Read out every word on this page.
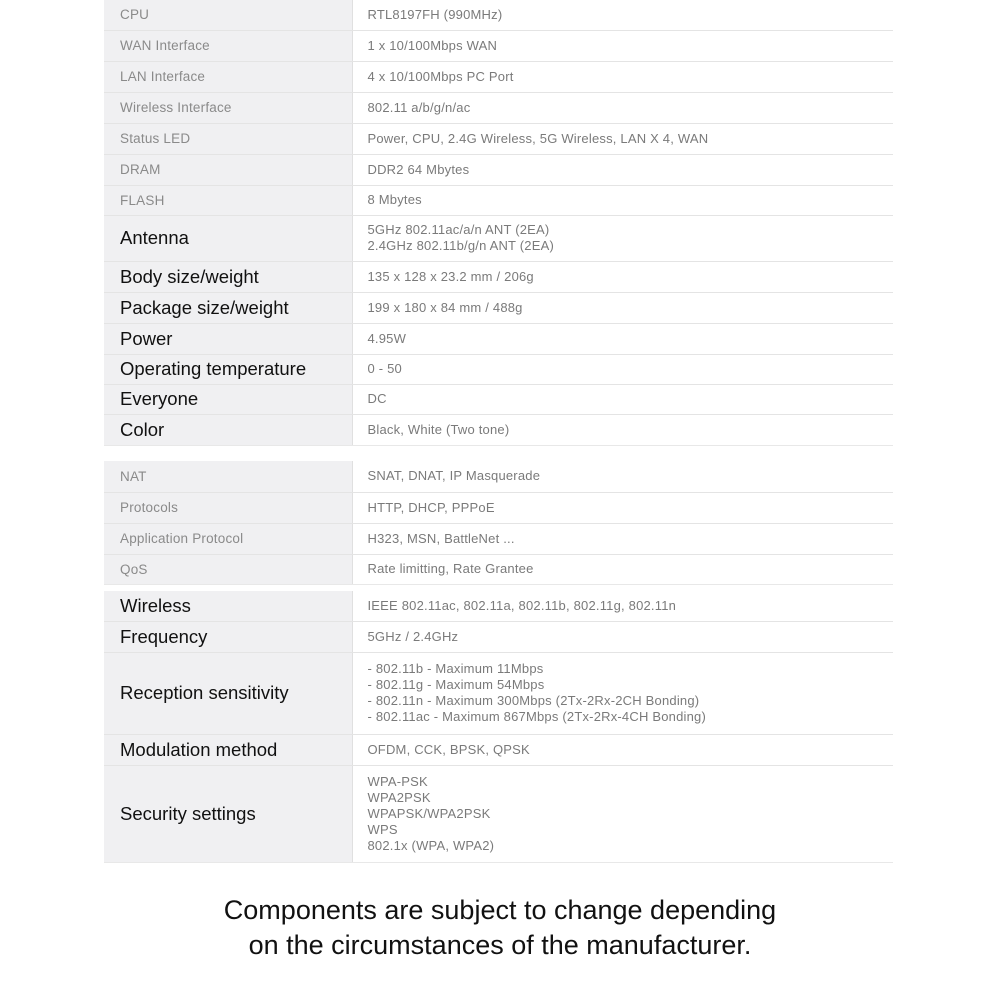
CPU	RTL8197FH (990MHz)
WAN Interface	1 x 10/100Mbps WAN
LAN Interface	4 x 10/100Mbps PC Port
Wireless Interface	802.11 a/b/g/n/ac
Status LED	Power, CPU, 2.4G Wireless, 5G Wireless, LAN X 4, WAN
DRAM	DDR2 64 Mbytes
FLASH	8 Mbytes
Antenna	5GHz 802.11ac/a/n ANT (2EA)
2.4GHz 802.11b/g/n ANT (2EA)
Body size/weight	135 x 128 x 23.2 mm / 206g
Package size/weight	199 x 180 x 84 mm / 488g
Power	4.95W
Operating temperature	0 - 50
Everyone	DC
Color	Black, White (Two tone)
NAT	SNAT, DNAT, IP Masquerade
Protocols	HTTP, DHCP, PPPoE
Application Protocol	H323, MSN, BattleNet ...
QoS	Rate limitting, Rate Grantee
Wireless	IEEE 802.11ac, 802.11a, 802.11b, 802.11g, 802.11n
Frequency	5GHz / 2.4GHz
Reception sensitivity	- 802.11b - Maximum 11Mbps
- 802.11g - Maximum 54Mbps
- 802.11n - Maximum 300Mbps (2Tx-2Rx-2CH Bonding)
- 802.11ac - Maximum 867Mbps (2Tx-2Rx-4CH Bonding)
Modulation method	OFDM, CCK, BPSK, QPSK
Security settings	WPA-PSK
WPA2PSK
WPAPSK/WPA2PSK
WPS
802.1x (WPA, WPA2)
Components are subject to change depending
on the circumstances of the manufacturer.
